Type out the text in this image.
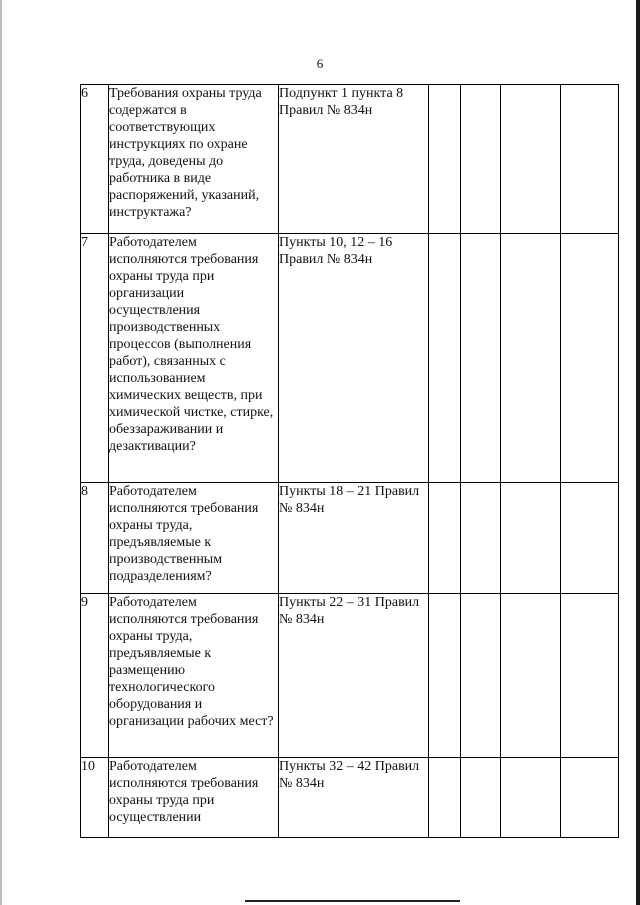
6
6	Требования охраны труда содержатся в соответствующих инструкциях по охране труда, доведены до работника в виде распоряжений, указаний, инструктажа?	Подпункт 1 пункта 8 Правил № 834н				
7	Работодателем исполняются требования охраны труда при организации осуществления производственных процессов (выполнения работ), связанных с использованием химических веществ, при химической чистке, стирке, обеззараживании и дезактивации?	Пункты 10, 12 – 16 Правил № 834н				
8	Работодателем исполняются требования охраны труда, предъявляемые к производственным подразделениям?	Пункты 18 – 21 Правил № 834н				
9	Работодателем исполняются требования охраны труда, предъявляемые к размещению технологического оборудования и организации рабочих мест?	Пункты 22 – 31 Правил № 834н				
10	Работодателем исполняются требования охраны труда при осуществлении	Пункты 32 – 42 Правил № 834н				
